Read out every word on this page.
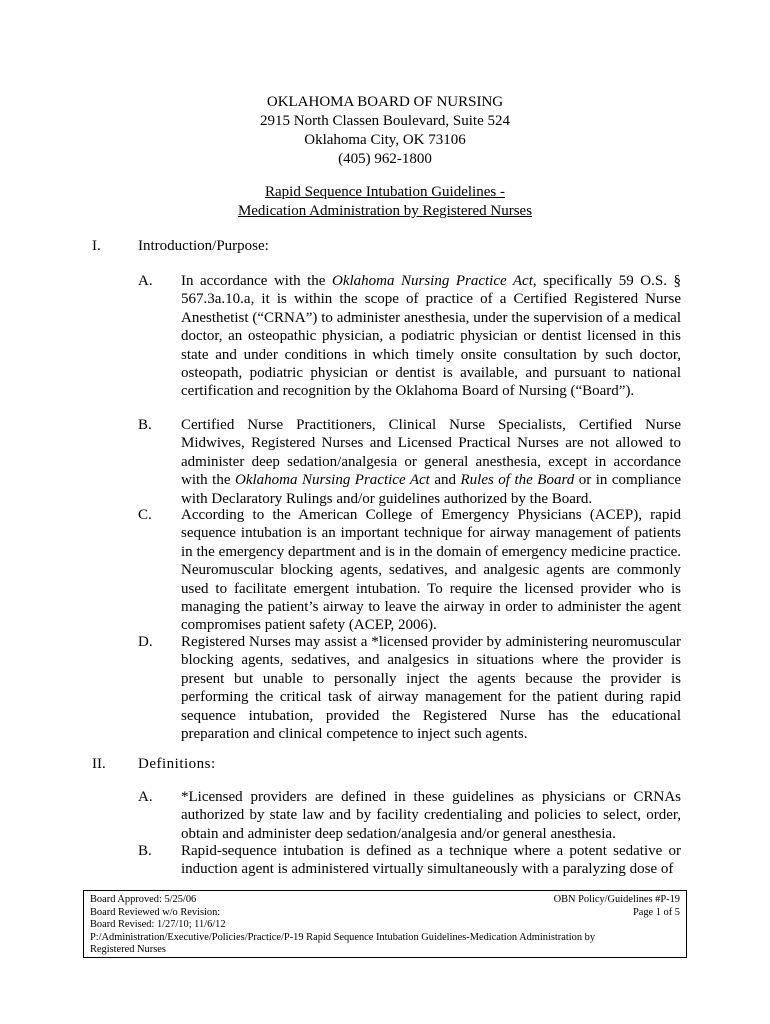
OKLAHOMA BOARD OF NURSING
2915 North Classen Boulevard, Suite 524
Oklahoma City, OK 73106
(405) 962-1800
Rapid Sequence Intubation Guidelines -
Medication Administration by Registered Nurses
I. Introduction/Purpose:
A. In accordance with the Oklahoma Nursing Practice Act, specifically 59 O.S. § 567.3a.10.a, it is within the scope of practice of a Certified Registered Nurse Anesthetist (“CRNA”) to administer anesthesia, under the supervision of a medical doctor, an osteopathic physician, a podiatric physician or dentist licensed in this state and under conditions in which timely onsite consultation by such doctor, osteopath, podiatric physician or dentist is available, and pursuant to national certification and recognition by the Oklahoma Board of Nursing (“Board”).
B. Certified Nurse Practitioners, Clinical Nurse Specialists, Certified Nurse Midwives, Registered Nurses and Licensed Practical Nurses are not allowed to administer deep sedation/analgesia or general anesthesia, except in accordance with the Oklahoma Nursing Practice Act and Rules of the Board or in compliance with Declaratory Rulings and/or guidelines authorized by the Board.
C. According to the American College of Emergency Physicians (ACEP), rapid sequence intubation is an important technique for airway management of patients in the emergency department and is in the domain of emergency medicine practice. Neuromuscular blocking agents, sedatives, and analgesic agents are commonly used to facilitate emergent intubation. To require the licensed provider who is managing the patient’s airway to leave the airway in order to administer the agent compromises patient safety (ACEP, 2006).
D. Registered Nurses may assist a *licensed provider by administering neuromuscular blocking agents, sedatives, and analgesics in situations where the provider is present but unable to personally inject the agents because the provider is performing the critical task of airway management for the patient during rapid sequence intubation, provided the Registered Nurse has the educational preparation and clinical competence to inject such agents.
II. Definitions:
A. *Licensed providers are defined in these guidelines as physicians or CRNAs authorized by state law and by facility credentialing and policies to select, order, obtain and administer deep sedation/analgesia and/or general anesthesia.
B. Rapid-sequence intubation is defined as a technique where a potent sedative or induction agent is administered virtually simultaneously with a paralyzing dose of
Board Approved: 5/25/06	OBN Policy/Guidelines #P-19
Board Reviewed w/o Revision:	Page 1 of 5
Board Revised: 1/27/10; 11/6/12
P:/Administration/Executive/Policies/Practice/P-19 Rapid Sequence Intubation Guidelines-Medication Administration by
Registered Nurses
